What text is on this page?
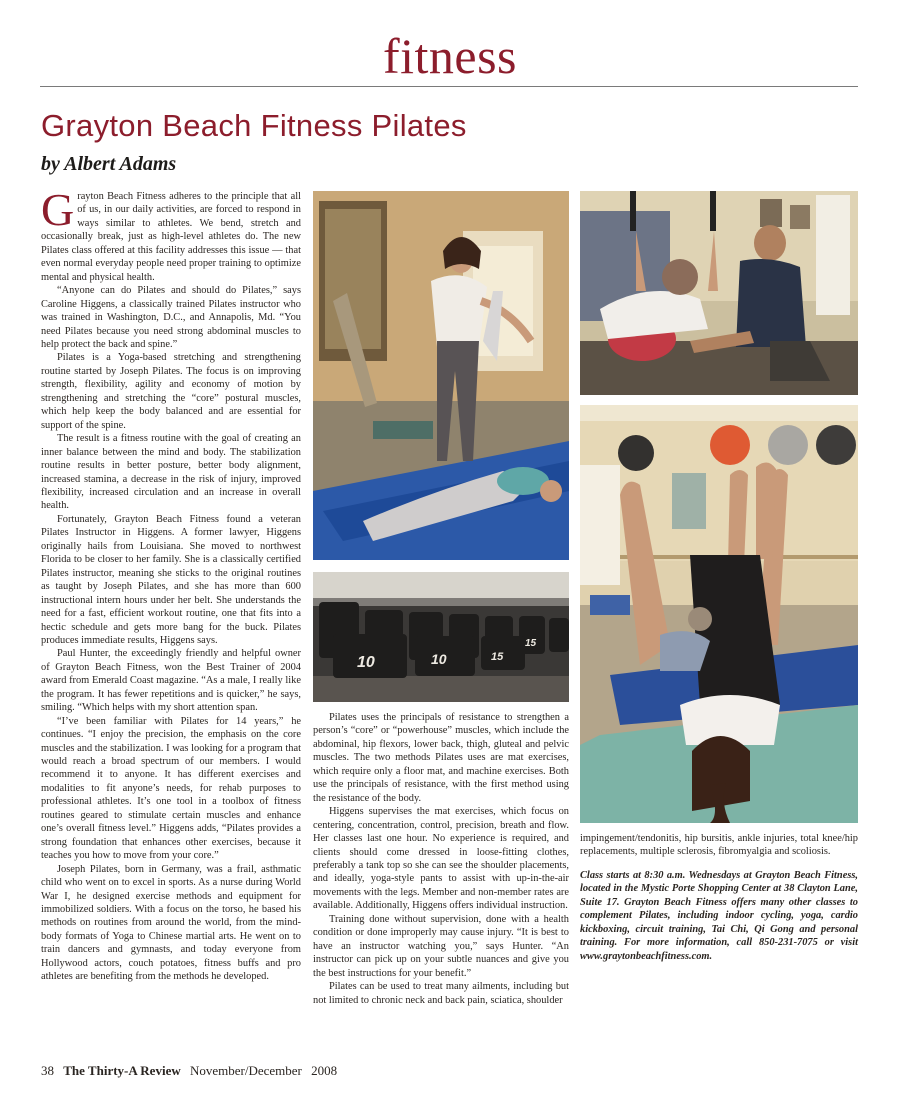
fitness
Grayton Beach Fitness Pilates
by Albert Adams

Grayton Beach Fitness adheres to the principle that all of us, in our daily activities, are forced to respond in ways similar to athletes. We bend, stretch and occasionally break, just as high-level athletes do. The new Pilates class offered at this facility addresses this issue — that even normal everyday people need proper training to optimize mental and physical health.

“Anyone can do Pilates and should do Pilates,” says Caroline Higgens, a classically trained Pilates instructor who was trained in Washington, D.C., and Annapolis, Md. “You need Pilates because you need strong abdominal muscles to help protect the back and spine.”

Pilates is a Yoga-based stretching and strengthening routine started by Joseph Pilates. The focus is on improving strength, flexibility, agility and economy of motion by strengthening and stretching the “core” postural muscles, which help keep the body balanced and are essential for support of the spine.

The result is a fitness routine with the goal of creating an inner balance between the mind and body. The stabilization routine results in better posture, better body alignment, increased stamina, a decrease in the risk of injury, improved flexibility, increased circulation and an increase in overall health.

Fortunately, Grayton Beach Fitness found a veteran Pilates Instructor in Higgens. A former lawyer, Higgens originally hails from Louisiana. She moved to northwest Florida to be closer to her family. She is a classically certified Pilates instructor, meaning she sticks to the original routines as taught by Joseph Pilates, and she has more than 600 instructional intern hours under her belt. She understands the need for a fast, efficient workout routine, one that fits into a hectic schedule and gets more bang for the buck. Pilates produces immediate results, Higgens says.

Paul Hunter, the exceedingly friendly and helpful owner of Grayton Beach Fitness, won the Best Trainer of 2004 award from Emerald Coast magazine. “As a male, I really like the program. It has fewer repetitions and is quicker,” he says, smiling. “Which helps with my short attention span.

“I’ve been familiar with Pilates for 14 years,” he continues. “I enjoy the precision, the emphasis on the core muscles and the stabilization. I was looking for a program that would reach a broad spectrum of our members. I would recommend it to anyone. It has different exercises and modalities to fit anyone’s needs, for rehab purposes to professional athletes. It’s one tool in a toolbox of fitness routines geared to stimulate certain muscles and enhance one’s overall fitness level.” Higgens adds, “Pilates provides a strong foundation that enhances other exercises, because it teaches you how to move from your core.”

Joseph Pilates, born in Germany, was a frail, asthmatic child who went on to excel in sports. As a nurse during World War I, he designed exercise methods and equipment for immobilized soldiers. With a focus on the torso, he based his methods on routines from around the world, from the mind-body formats of Yoga to Chinese martial arts. He went on to train dancers and gymnasts, and today everyone from Hollywood actors, couch potatoes, fitness buffs and pro athletes are benefiting from the methods he developed.

10	10	15
15

Pilates uses the principals of resistance to strengthen a person’s “core” or “powerhouse” muscles, which include the abdominal, hip flexors, lower back, thigh, gluteal and pelvic muscles. The two methods Pilates uses are mat exercises, which require only a floor mat, and machine exercises. Both use the principals of resistance, with the first method using the resistance of the body.

Higgens supervises the mat exercises, which focus on centering, concentration, control, precision, breath and flow. Her classes last one hour. No experience is required, and clients should come dressed in loose-fitting clothes, preferably a tank top so she can see the shoulder placements, and ideally, yoga-style pants to assist with up-in-the-air movements with the legs. Member and non-member rates are available. Additionally, Higgens offers individual instruction.

Training done without supervision, done with a health condition or done improperly may cause injury. “It is best to have an instructor watching you,” says Hunter. “An instructor can pick up on your subtle nuances and give you the best instructions for your benefit.”

Pilates can be used to treat many ailments, including but not limited to chronic neck and back pain, sciatica, shoulder

impingement/tendonitis, hip bursitis, ankle injuries, total knee/hip replacements, multiple sclerosis, fibromyalgia and scoliosis.

Class starts at 8:30 a.m. Wednesdays at Grayton Beach Fitness, located in the Mystic Porte Shopping Center at 38 Clayton Lane, Suite 17. Grayton Beach Fitness offers many other classes to complement Pilates, including indoor cycling, yoga, cardio kickboxing, circuit training, Tai Chi, Qi Gong and personal training. For more information, call 850-231-7075 or visit www.graytonbeachfitness.com.

38 The Thirty-A Review November/December 2008
